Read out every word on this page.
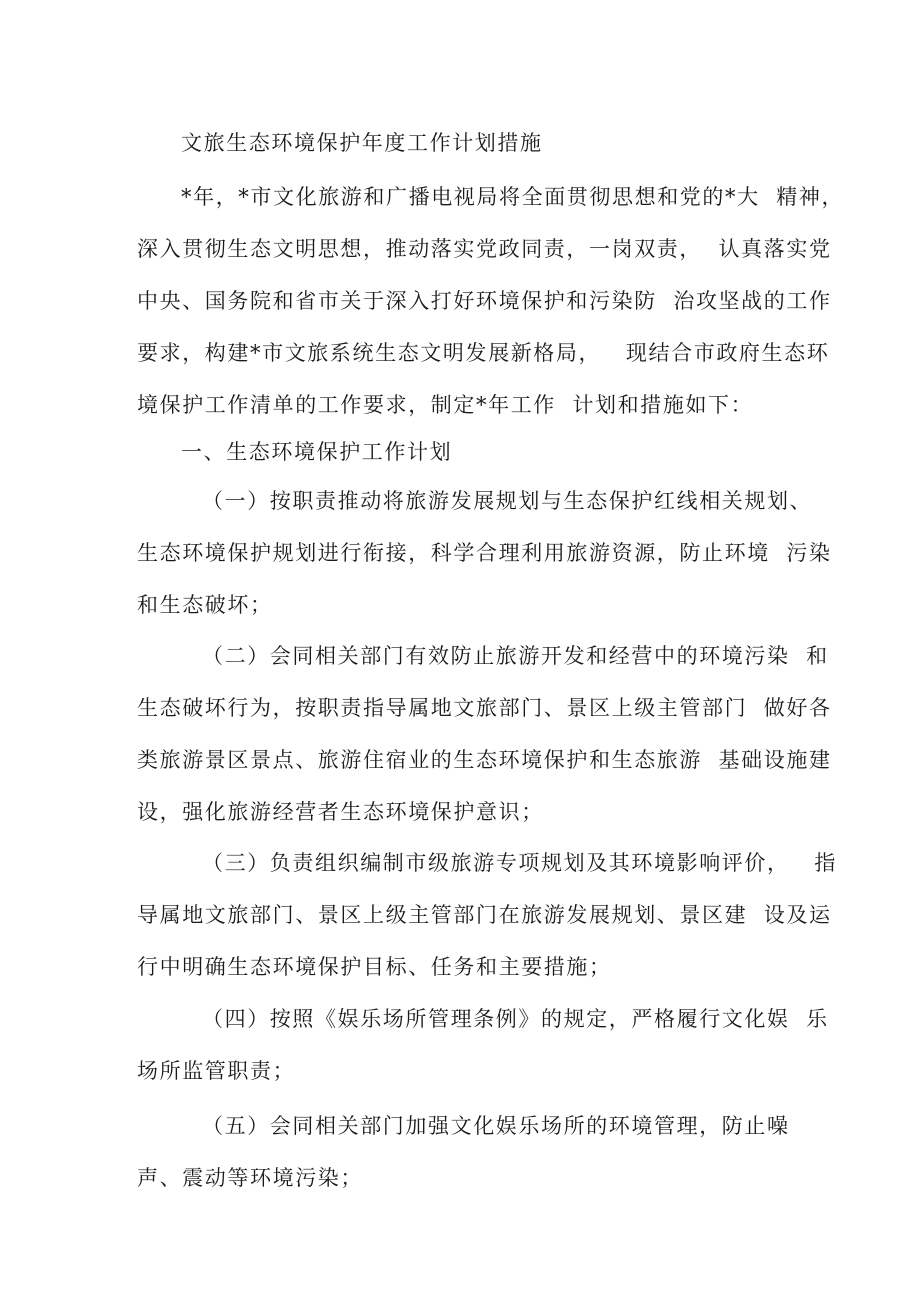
文旅生态环境保护年度工作计划措施
*年，*市文化旅游和广播电视局将全面贯彻思想和党的*大  精神，
深入贯彻生态文明思想，推动落实党政同责，一岗双责，  认真落实党
中央、国务院和省市关于深入打好环境保护和污染防  治攻坚战的工作
要求，构建*市文旅系统生态文明发展新格局，   现结合市政府生态环
境保护工作清单的工作要求，制定*年工作  计划和措施如下：
一、生态环境保护工作计划
（一）按职责推动将旅游发展规划与生态保护红线相关规划、
生态环境保护规划进行衔接，科学合理利用旅游资源，防止环境  污染
和生态破坏；
（二）会同相关部门有效防止旅游开发和经营中的环境污染  和
生态破坏行为，按职责指导属地文旅部门、景区上级主管部门  做好各
类旅游景区景点、旅游住宿业的生态环境保护和生态旅游  基础设施建
设，强化旅游经营者生态环境保护意识；
（三）负责组织编制市级旅游专项规划及其环境影响评价，   指
导属地文旅部门、景区上级主管部门在旅游发展规划、景区建  设及运
行中明确生态环境保护目标、任务和主要措施；
（四）按照《娱乐场所管理条例》的规定，严格履行文化娱  乐
场所监管职责；
（五）会同相关部门加强文化娱乐场所的环境管理，防止噪
声、震动等环境污染；
